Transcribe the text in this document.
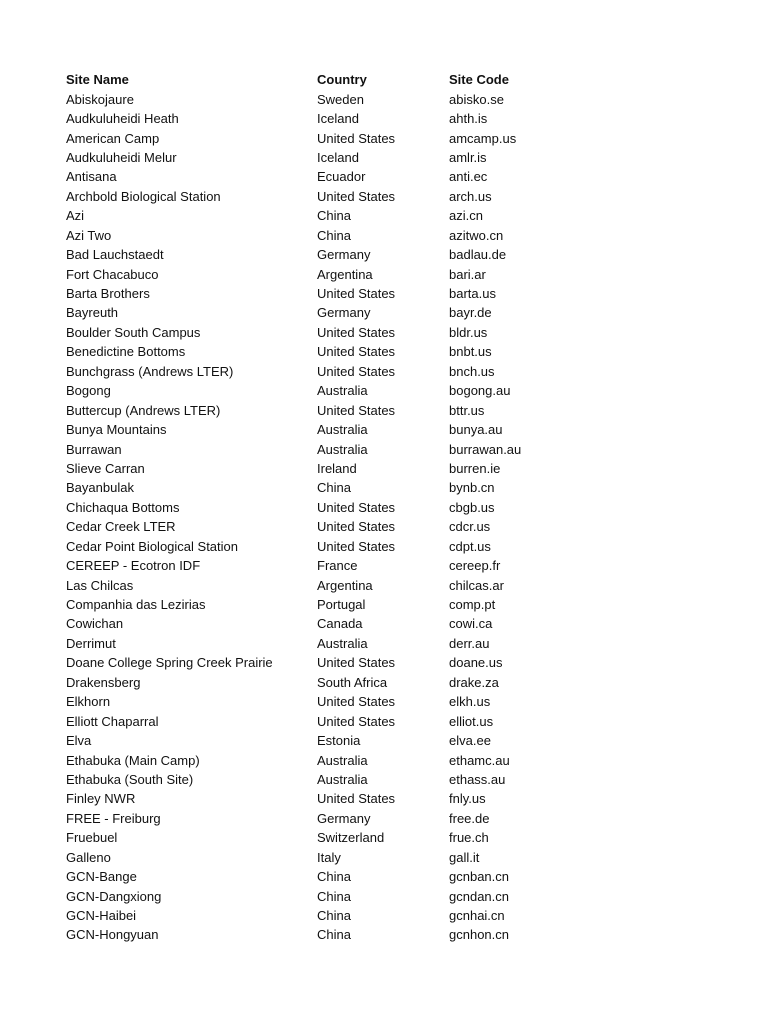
Site Name	Country	Site Code
Abiskojaure	Sweden	abisko.se
Audkuluheidi Heath	Iceland	ahth.is
American Camp	United States	amcamp.us
Audkuluheidi Melur	Iceland	amlr.is
Antisana	Ecuador	anti.ec
Archbold Biological Station	United States	arch.us
Azi	China	azi.cn
Azi Two	China	azitwo.cn
Bad Lauchstaedt	Germany	badlau.de
Fort Chacabuco	Argentina	bari.ar
Barta Brothers	United States	barta.us
Bayreuth	Germany	bayr.de
Boulder South Campus	United States	bldr.us
Benedictine Bottoms	United States	bnbt.us
Bunchgrass (Andrews LTER)	United States	bnch.us
Bogong	Australia	bogong.au
Buttercup (Andrews LTER)	United States	bttr.us
Bunya Mountains	Australia	bunya.au
Burrawan	Australia	burrawan.au
Slieve Carran	Ireland	burren.ie
Bayanbulak	China	bynb.cn
Chichaqua Bottoms	United States	cbgb.us
Cedar Creek LTER	United States	cdcr.us
Cedar Point Biological Station	United States	cdpt.us
CEREEP - Ecotron IDF	France	cereep.fr
Las Chilcas	Argentina	chilcas.ar
Companhia das Lezirias	Portugal	comp.pt
Cowichan	Canada	cowi.ca
Derrimut	Australia	derr.au
Doane College Spring Creek Prairie	United States	doane.us
Drakensberg	South Africa	drake.za
Elkhorn	United States	elkh.us
Elliott Chaparral	United States	elliot.us
Elva	Estonia	elva.ee
Ethabuka (Main Camp)	Australia	ethamc.au
Ethabuka (South Site)	Australia	ethass.au
Finley NWR	United States	fnly.us
FREE - Freiburg	Germany	free.de
Fruebuel	Switzerland	frue.ch
Galleno	Italy	gall.it
GCN-Bange	China	gcnban.cn
GCN-Dangxiong	China	gcndan.cn
GCN-Haibei	China	gcnhai.cn
GCN-Hongyuan	China	gcnhon.cn
